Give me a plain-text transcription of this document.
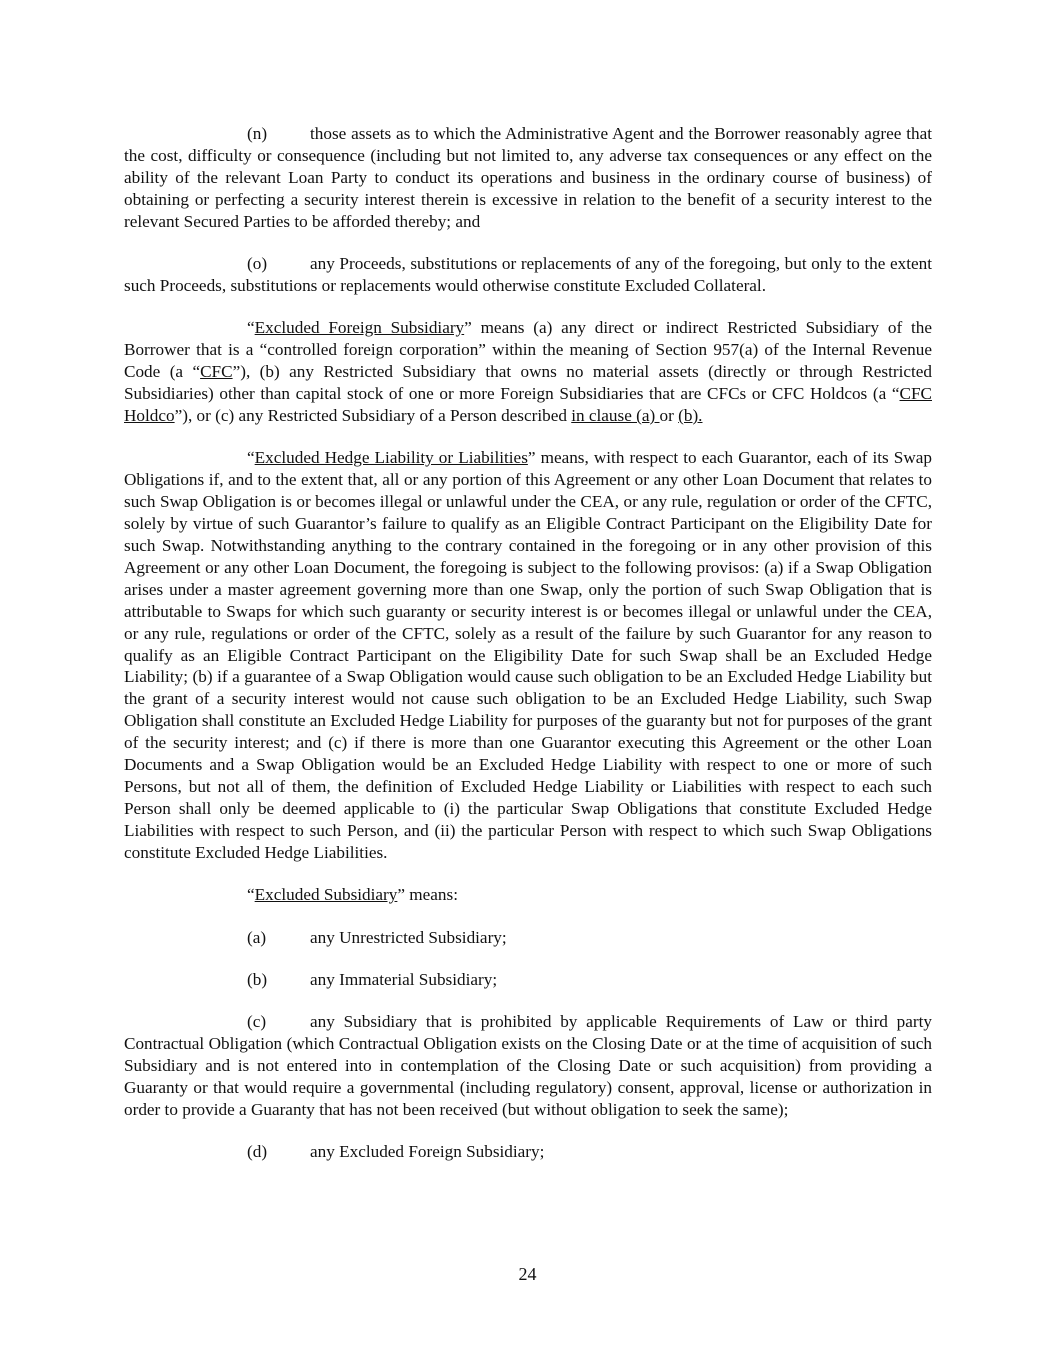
(n) those assets as to which the Administrative Agent and the Borrower reasonably agree that the cost, difficulty or consequence (including but not limited to, any adverse tax consequences or any effect on the ability of the relevant Loan Party to conduct its operations and business in the ordinary course of business) of obtaining or perfecting a security interest therein is excessive in relation to the benefit of a security interest to the relevant Secured Parties to be afforded thereby; and

(o) any Proceeds, substitutions or replacements of any of the foregoing, but only to the extent such Proceeds, substitutions or replacements would otherwise constitute Excluded Collateral.

“Excluded Foreign Subsidiary” means (a) any direct or indirect Restricted Subsidiary of the Borrower that is a “controlled foreign corporation” within the meaning of Section 957(a) of the Internal Revenue Code (a “CFC”), (b) any Restricted Subsidiary that owns no material assets (directly or through Restricted Subsidiaries) other than capital stock of one or more Foreign Subsidiaries that are CFCs or CFC Holdcos (a “CFC Holdco”), or (c) any Restricted Subsidiary of a Person described in clause (a) or (b).

“Excluded Hedge Liability or Liabilities” means, with respect to each Guarantor, each of its Swap Obligations if, and to the extent that, all or any portion of this Agreement or any other Loan Document that relates to such Swap Obligation is or becomes illegal or unlawful under the CEA, or any rule, regulation or order of the CFTC, solely by virtue of such Guarantor’s failure to qualify as an Eligible Contract Participant on the Eligibility Date for such Swap. Notwithstanding anything to the contrary contained in the foregoing or in any other provision of this Agreement or any other Loan Document, the foregoing is subject to the following provisos: (a) if a Swap Obligation arises under a master agreement governing more than one Swap, only the portion of such Swap Obligation that is attributable to Swaps for which such guaranty or security interest is or becomes illegal or unlawful under the CEA, or any rule, regulations or order of the CFTC, solely as a result of the failure by such Guarantor for any reason to qualify as an Eligible Contract Participant on the Eligibility Date for such Swap shall be an Excluded Hedge Liability; (b) if a guarantee of a Swap Obligation would cause such obligation to be an Excluded Hedge Liability but the grant of a security interest would not cause such obligation to be an Excluded Hedge Liability, such Swap Obligation shall constitute an Excluded Hedge Liability for purposes of the guaranty but not for purposes of the grant of the security interest; and (c) if there is more than one Guarantor executing this Agreement or the other Loan Documents and a Swap Obligation would be an Excluded Hedge Liability with respect to one or more of such Persons, but not all of them, the definition of Excluded Hedge Liability or Liabilities with respect to each such Person shall only be deemed applicable to (i) the particular Swap Obligations that constitute Excluded Hedge Liabilities with respect to such Person, and (ii) the particular Person with respect to which such Swap Obligations constitute Excluded Hedge Liabilities.

“Excluded Subsidiary” means:

(a)	any Unrestricted Subsidiary;

(b) any Immaterial Subsidiary;

(c)	any Subsidiary that is prohibited by applicable Requirements of Law or third party Contractual Obligation (which Contractual Obligation exists on the Closing Date or at the time of acquisition of such Subsidiary and is not entered into in contemplation of the Closing Date or such acquisition) from providing a Guaranty or that would require a governmental (including regulatory) consent, approval, license or authorization in order to provide a Guaranty that has not been received (but without obligation to seek the same);

(d) any Excluded Foreign Subsidiary;

24
